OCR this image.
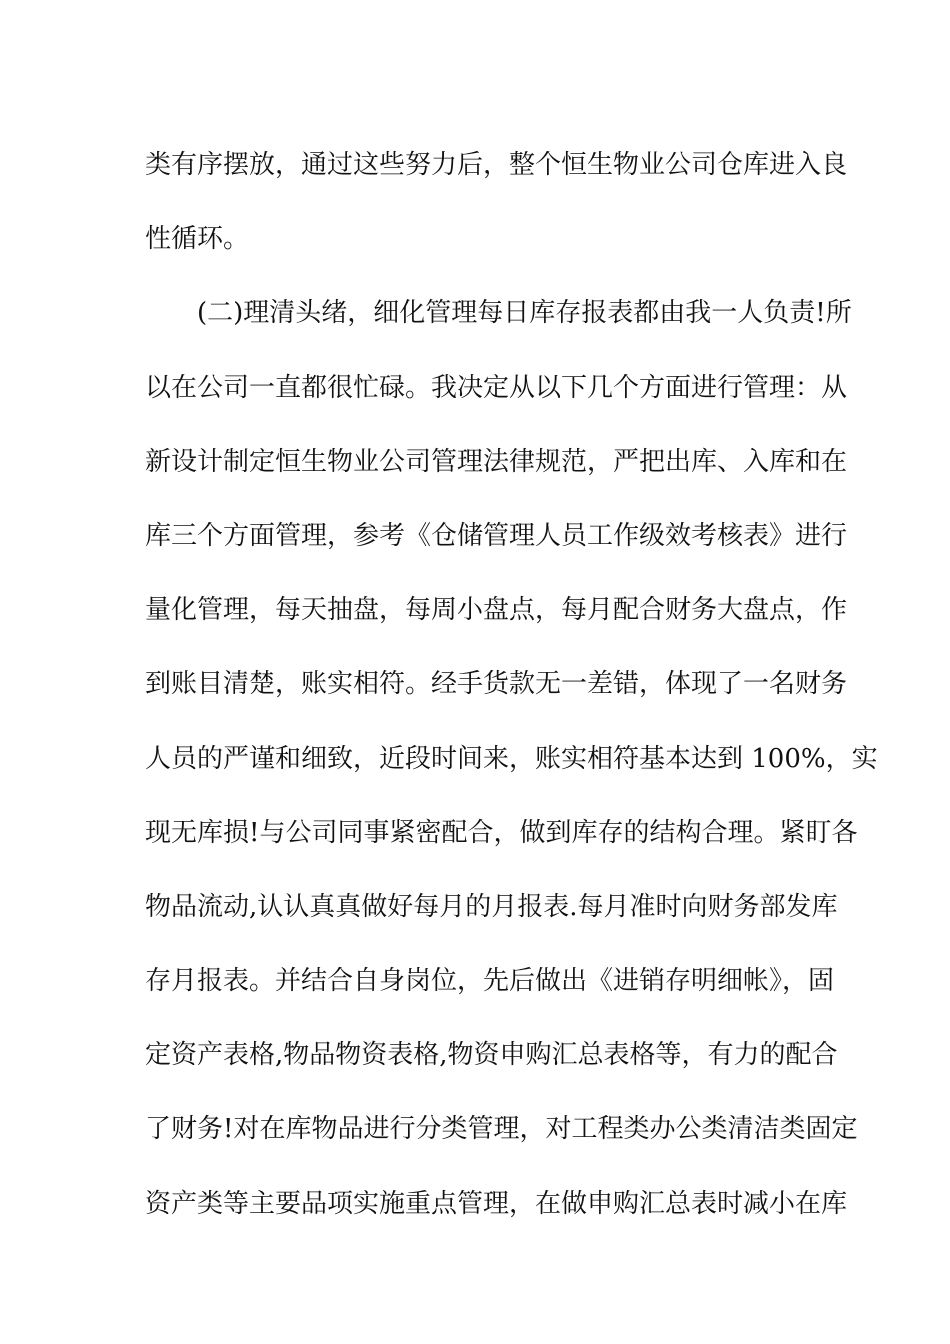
类有序摆放，通过这些努力后，整个恒生物业公司仓库进入良

性循环。

　　(二)理清头绪，细化管理每日库存报表都由我一人负责!所

以在公司一直都很忙碌。我决定从以下几个方面进行管理：从

新设计制定恒生物业公司管理法律规范，严把出库、入库和在

库三个方面管理，参考《仓储管理人员工作级效考核表》进行

量化管理，每天抽盘，每周小盘点，每月配合财务大盘点，作

到账目清楚，账实相符。经手货款无一差错，体现了一名财务

人员的严谨和细致，近段时间来，账实相符基本达到 100%，实

现无库损!与公司同事紧密配合，做到库存的结构合理。紧盯各

物品流动,认认真真做好每月的月报表.每月准时向财务部发库

存月报表。并结合自身岗位，先后做出《进销存明细帐》，固

定资产表格,物品物资表格,物资申购汇总表格等，有力的配合

了财务!对在库物品进行分类管理，对工程类办公类清洁类固定

资产类等主要品项实施重点管理，在做申购汇总表时减小在库
